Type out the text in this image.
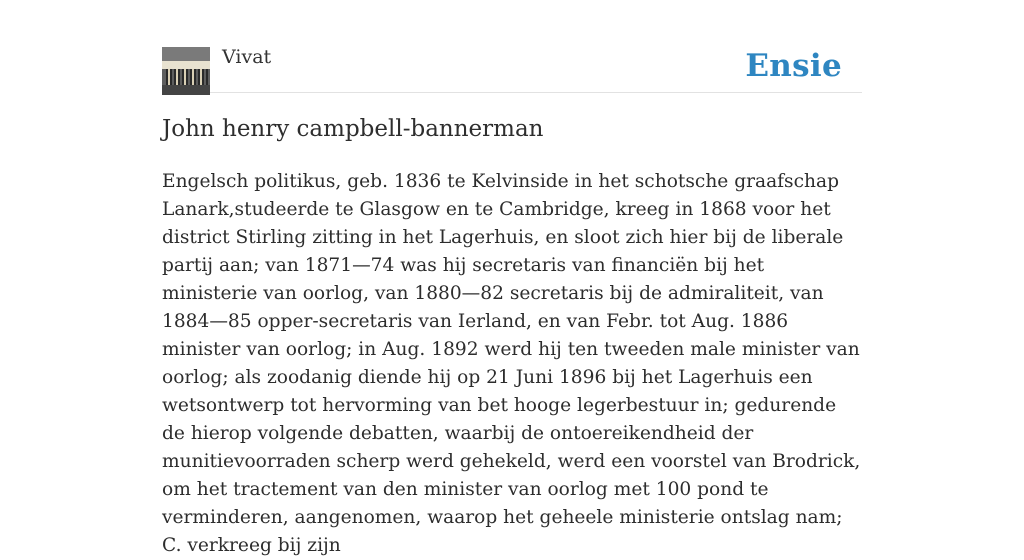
Vivat	Ensie
John henry campbell-bannerman

Engelsch politikus, geb. 1836 te Kelvinside in het schotsche graafschap Lanark,studeerde te Glasgow en te Cambridge, kreeg in 1868 voor het district Stirling zitting in het Lagerhuis, en sloot zich hier bij de liberale partij aan; van 1871—74 was hij secretaris van financiën bij het ministerie van oorlog, van 1880—82 secretaris bij de admiraliteit, van 1884—85 opper-secretaris van Ierland, en van Febr. tot Aug. 1886 minister van oorlog; in Aug. 1892 werd hij ten tweeden male minister van oorlog; als zoodanig diende hij op 21 Juni 1896 bij het Lagerhuis een wetsontwerp tot hervorming van bet hooge legerbestuur in; gedurende de hierop volgende debatten, waarbij de ontoereikendheid der munitievoorraden scherp werd gehekeld, werd een voorstel van Brodrick, om het tractement van den minister van oorlog met 100 pond te verminderen, aangenomen, waarop het geheele ministerie ontslag nam; C. verkreeg bij zijn
